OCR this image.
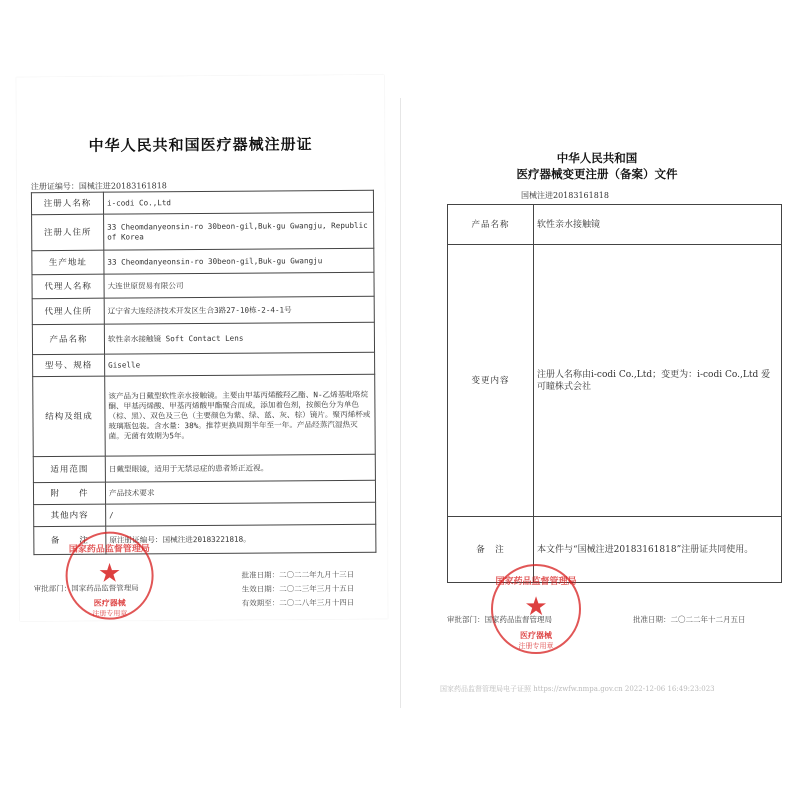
中华人民共和国医疗器械注册证
注册证编号：国械注进20183161818
注册人名称	i-codi Co.,Ltd
注册人住所	33 Cheomdanyeonsin-ro 30beon-gil,Buk-gu Gwangju, Republic of Korea
生产地址	33 Cheomdanyeonsin-ro 30beon-gil,Buk-gu Gwangju
代理人名称	大连世原贸易有限公司
代理人住所	辽宁省大连经济技术开发区生合3路27-10栋-2-4-1号
产品名称	软性亲水接触镜 Soft Contact Lens
型号、规格	Giselle
结构及组成	该产品为日戴型软性亲水接触镜。主要由甲基丙烯酸羟乙酯、N-乙烯基吡咯烷酮、甲基丙烯酸、甲基丙烯酸甲酯聚合而成，添加着色剂，按颜色分为单色（棕、黑）、双色及三色（主要颜色为紫、绿、蓝、灰、棕）镜片。聚丙烯杯或玻璃瓶包装。含水量：38%。推荐更换周期半年至一年。产品经蒸汽湿热灭菌。无菌有效期为5年。
适用范围	日戴型眼镜，适用于无禁忌症的患者矫正近视。
附　　件	产品技术要求
其他内容	/
备　　注	原注册证编号：国械注进20183221818。
国家药品监督管理局
★
医疗器械
注册专用章
审批部门：国家药品监督管理局
批准日期：二〇二二年九月十三日
生效日期：二〇二三年三月十五日
有效期至：二〇二八年三月十四日
中华人民共和国
医疗器械变更注册（备案）文件
国械注进20183161818
产品名称	软性亲水接触镜
变更内容	注册人名称由i-codi Co.,Ltd；变更为：i-codi Co.,Ltd 爱可瞳株式会社
备　注	本文件与“国械注进20183161818”注册证共同使用。
国家药品监督管理局
★
医疗器械
注册专用章
审批部门：国家药品监督管理局	批准日期：二〇二二年十二月五日
国家药品监督管理局电子证照 https://zwfw.nmpa.gov.cn 2022-12-06 16:49:23:023
